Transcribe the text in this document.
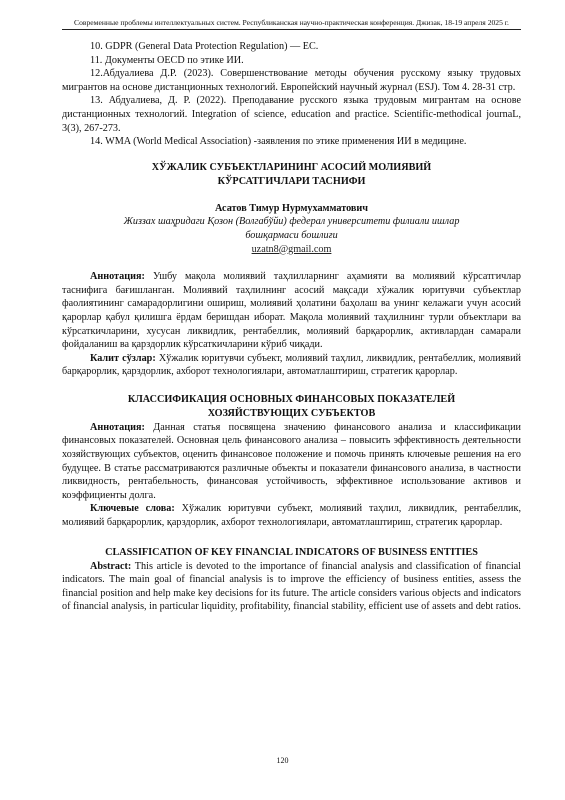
Современные проблемы интеллектуальных систем. Республиканская научно-практическая конференция. Джизак, 18-19 апреля 2025 г.

10. GDPR (General Data Protection Regulation) — ЕС.

11. Документы OECD по этике ИИ.

12.Абдуалиева Д.Р. (2023). Совершенствование методы обучения русскому языку трудовых мигрантов на основе дистанционных технологий. Европейский научный журнал (ESJ). Том 4. 28-31 стр.

13. Абдуалиева, Д. Р. (2022). Преподавание русского языка трудовым мигрантам на основе дистанционных технологий. Integration of science, education and practice. Scientific-methodical journaL, 3(3), 267-273.

14. WMA (World Medical Association) -заявления по этике применения ИИ в медицине.

ХЎЖАЛИК СУБЪЕКТЛАРИНИНГ АСОСИЙ МОЛИЯВИЙ
КЎРСАТГИЧЛАРИ ТАСНИФИ

Асатов Тимур Нурмухамматович

Жиззах шаҳридаги Қозон (Волгабўйи) федерал университети филиали ишлар бошқармаси бошлиғи

uzatn8@gmail.com

Аннотация: Ушбу мақола молиявий таҳлилларнинг аҳамияти ва молиявий кўрсатгичлар таснифига бағишланган. Молиявий таҳлилнинг асосий мақсади хўжалик юритувчи субъектлар фаолиятининг самарадорлигини ошириш, молиявий ҳолатини баҳолаш ва унинг келажаги учун асосий қарорлар қабул қилишга ёрдам беришдан иборат. Мақола молиявий таҳлилнинг турли объектлари ва кўрсаткичларини, хусусан ликвидлик, рентабеллик, молиявий барқарорлик, активлардан самарали фойдаланиш ва қарздорлик кўрсаткичларини кўриб чиқади.

Калит сўзлар: Хўжалик юритувчи субъект, молиявий таҳлил, ликвидлик, рентабеллик, молиявий барқарорлик, қарздорлик, ахборот технологиялари, автоматлаштириш, стратегик қарорлар.

КЛАССИФИКАЦИЯ ОСНОВНЫХ ФИНАНСОВЫХ ПОКАЗАТЕЛЕЙ
ХОЗЯЙСТВУЮЩИХ СУБЪЕКТОВ

Аннотация: Данная статья посвящена значению финансового анализа и классификации финансовых показателей. Основная цель финансового анализа – повысить эффективность деятельности хозяйствующих субъектов, оценить финансовое положение и помочь принять ключевые решения на его будущее. В статье рассматриваются различные объекты и показатели финансового анализа, в частности ликвидность, рентабельность, финансовая устойчивость, эффективное использование активов и коэффициенты долга.

Ключевые слова: Хўжалик юритувчи субъект, молиявий таҳлил, ликвидлик, рентабеллик, молиявий барқарорлик, қарздорлик, ахборот технологиялари, автоматлаштириш, стратегик қарорлар.

CLASSIFICATION OF KEY FINANCIAL INDICATORS OF BUSINESS ENTITIES

Abstract: This article is devoted to the importance of financial analysis and classification of financial indicators. The main goal of financial analysis is to improve the efficiency of business entities, assess the financial position and help make key decisions for its future. The article considers various objects and indicators of financial analysis, in particular liquidity, profitability, financial stability, efficient use of assets and debt ratios.

120
